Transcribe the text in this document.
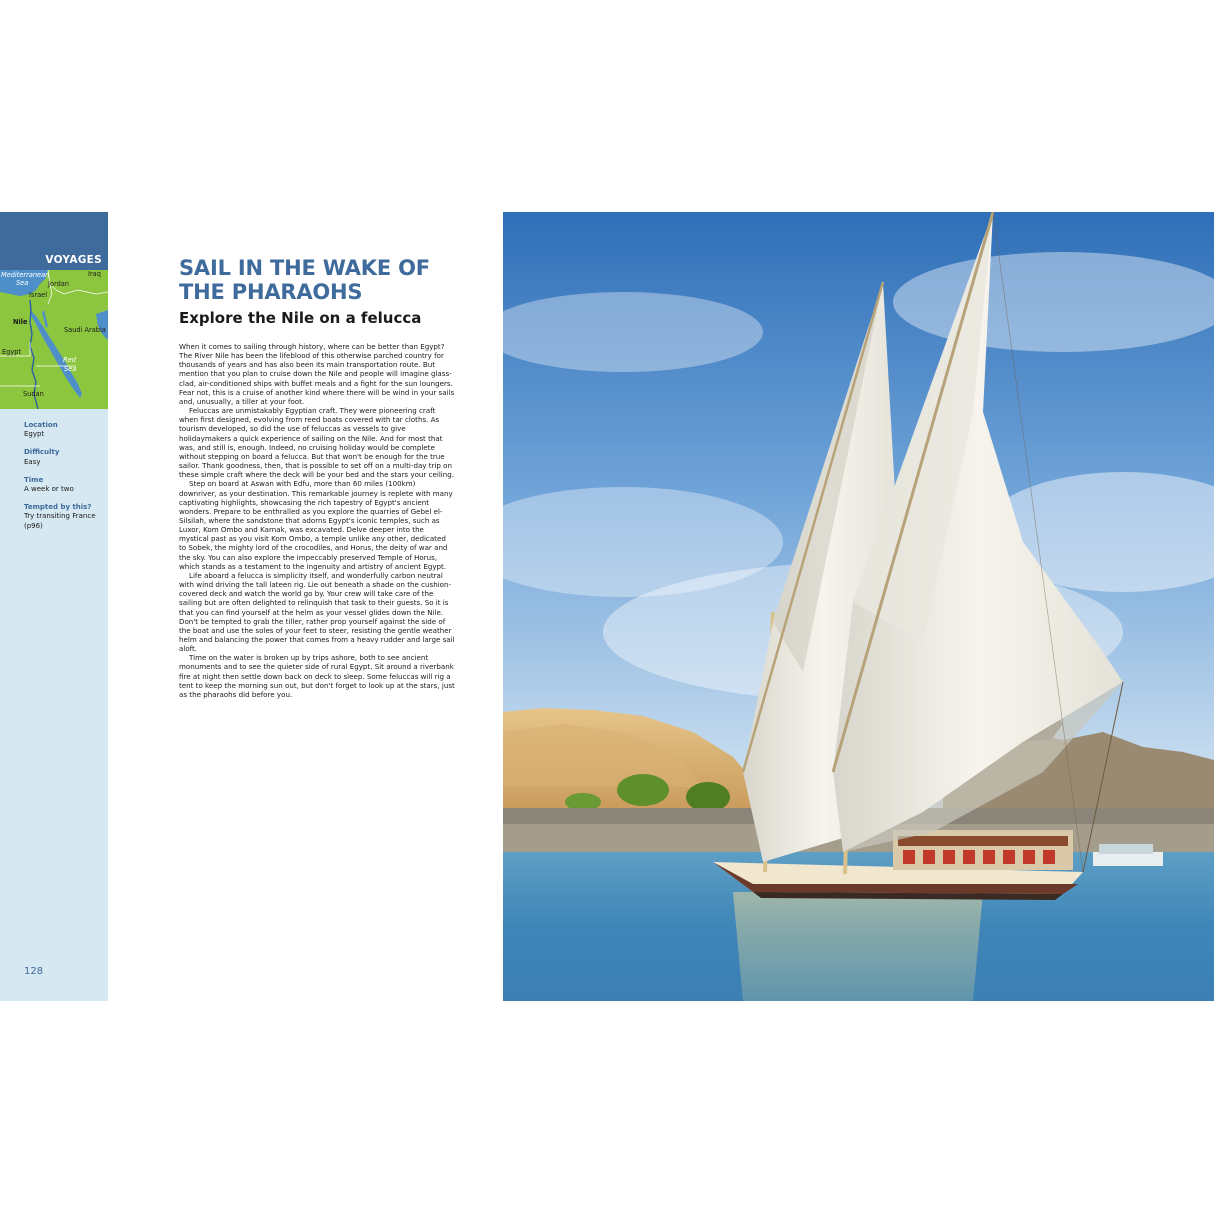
VOYAGES
Mediterranean
Sea
Iraq
Jordan
Israel
Nile
Saudi Arabia
Egypt
Red
Sea
Sudan
Location
Egypt
Difficulty
Easy
Time
A week or two
Tempted by this?
Try transiting France (p96)
128
SAIL IN THE WAKE OF THE PHARAOHS
Explore the Nile on a felucca

When it comes to sailing through history, where can be better than Egypt? The River Nile has been the lifeblood of this otherwise parched country for thousands of years and has also been its main transportation route. But mention that you plan to cruise down the Nile and people will imagine glass-clad, air-conditioned ships with buffet meals and a fight for the sun loungers. Fear not, this is a cruise of another kind where there will be wind in your sails and, unusually, a tiller at your foot.

Feluccas are unmistakably Egyptian craft. They were pioneering craft when first designed, evolving from reed boats covered with tar cloths. As tourism developed, so did the use of feluccas as vessels to give holidaymakers a quick experience of sailing on the Nile. And for most that was, and still is, enough. Indeed, no cruising holiday would be complete without stepping on board a felucca. But that won't be enough for the true sailor. Thank goodness, then, that is possible to set off on a multi-day trip on these simple craft where the deck will be your bed and the stars your ceiling.

Step on board at Aswan with Edfu, more than 60 miles (100km) downriver, as your destination. This remarkable journey is replete with many captivating highlights, showcasing the rich tapestry of Egypt's ancient wonders. Prepare to be enthralled as you explore the quarries of Gebel el-Silsilah, where the sandstone that adorns Egypt's iconic temples, such as Luxor, Kom Ombo and Karnak, was excavated. Delve deeper into the mystical past as you visit Kom Ombo, a temple unlike any other, dedicated to Sobek, the mighty lord of the crocodiles, and Horus, the deity of war and the sky. You can also explore the impeccably preserved Temple of Horus, which stands as a testament to the ingenuity and artistry of ancient Egypt.

Life aboard a felucca is simplicity itself, and wonderfully carbon neutral with wind driving the tall lateen rig. Lie out beneath a shade on the cushion-covered deck and watch the world go by. Your crew will take care of the sailing but are often delighted to relinquish that task to their guests. So it is that you can find yourself at the helm as your vessel glides down the Nile. Don't be tempted to grab the tiller, rather prop yourself against the side of the boat and use the soles of your feet to steer, resisting the gentle weather helm and balancing the power that comes from a heavy rudder and large sail aloft.

Time on the water is broken up by trips ashore, both to see ancient monuments and to see the quieter side of rural Egypt. Sit around a riverbank fire at night then settle down back on deck to sleep. Some feluccas will rig a tent to keep the morning sun out, but don't forget to look up at the stars, just as the pharaohs did before you.
